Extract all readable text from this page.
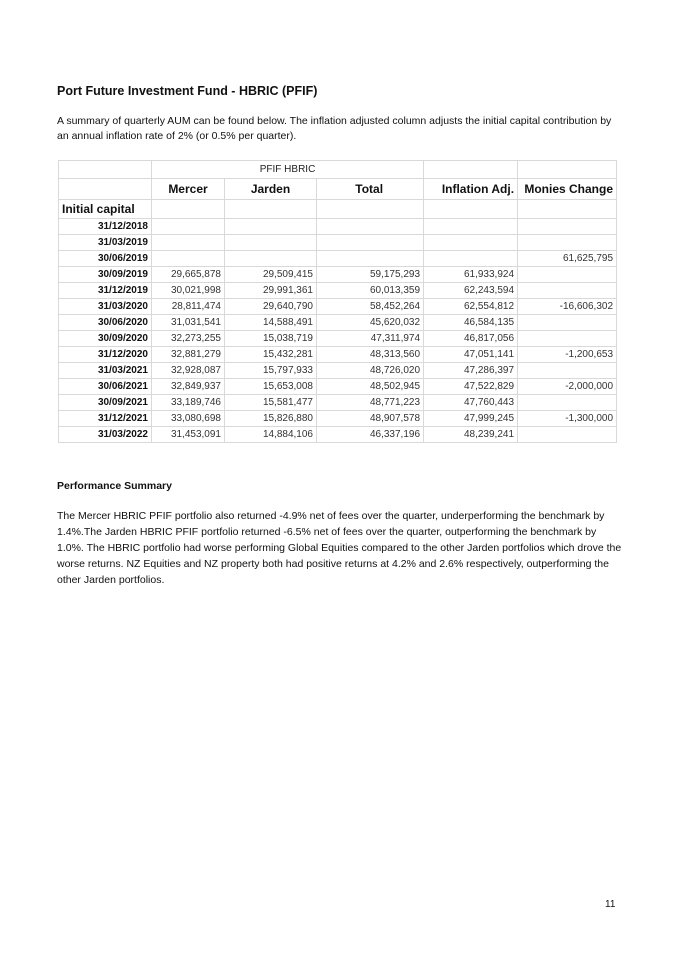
Port Future Investment Fund - HBRIC (PFIF)
A summary of quarterly AUM can be found below. The inflation adjusted column adjusts the initial capital contribution by an annual inflation rate of 2% (or 0.5% per quarter).
	PFIF HBRIC				
	Mercer	Jarden	Total	Inflation Adj.	Monies Change
Initial capital					
31/12/2018					
31/03/2019					
30/06/2019					61,625,795
30/09/2019	29,665,878	29,509,415	59,175,293	61,933,924	
31/12/2019	30,021,998	29,991,361	60,013,359	62,243,594	
31/03/2020	28,811,474	29,640,790	58,452,264	62,554,812	-16,606,302
30/06/2020	31,031,541	14,588,491	45,620,032	46,584,135	
30/09/2020	32,273,255	15,038,719	47,311,974	46,817,056	
31/12/2020	32,881,279	15,432,281	48,313,560	47,051,141	-1,200,653
31/03/2021	32,928,087	15,797,933	48,726,020	47,286,397	
30/06/2021	32,849,937	15,653,008	48,502,945	47,522,829	-2,000,000
30/09/2021	33,189,746	15,581,477	48,771,223	47,760,443	
31/12/2021	33,080,698	15,826,880	48,907,578	47,999,245	-1,300,000
31/03/2022	31,453,091	14,884,106	46,337,196	48,239,241	
Performance Summary
The Mercer HBRIC PFIF portfolio also returned -4.9% net of fees over the quarter, underperforming the benchmark by 1.4%.The Jarden HBRIC PFIF portfolio returned -6.5% net of fees over the quarter, outperforming the benchmark by 1.0%. The HBRIC portfolio had worse performing Global Equities compared to the other Jarden portfolios which drove the worse returns. NZ Equities and NZ property both had positive returns at 4.2% and 2.6% respectively, outperforming the other Jarden portfolios.
11
